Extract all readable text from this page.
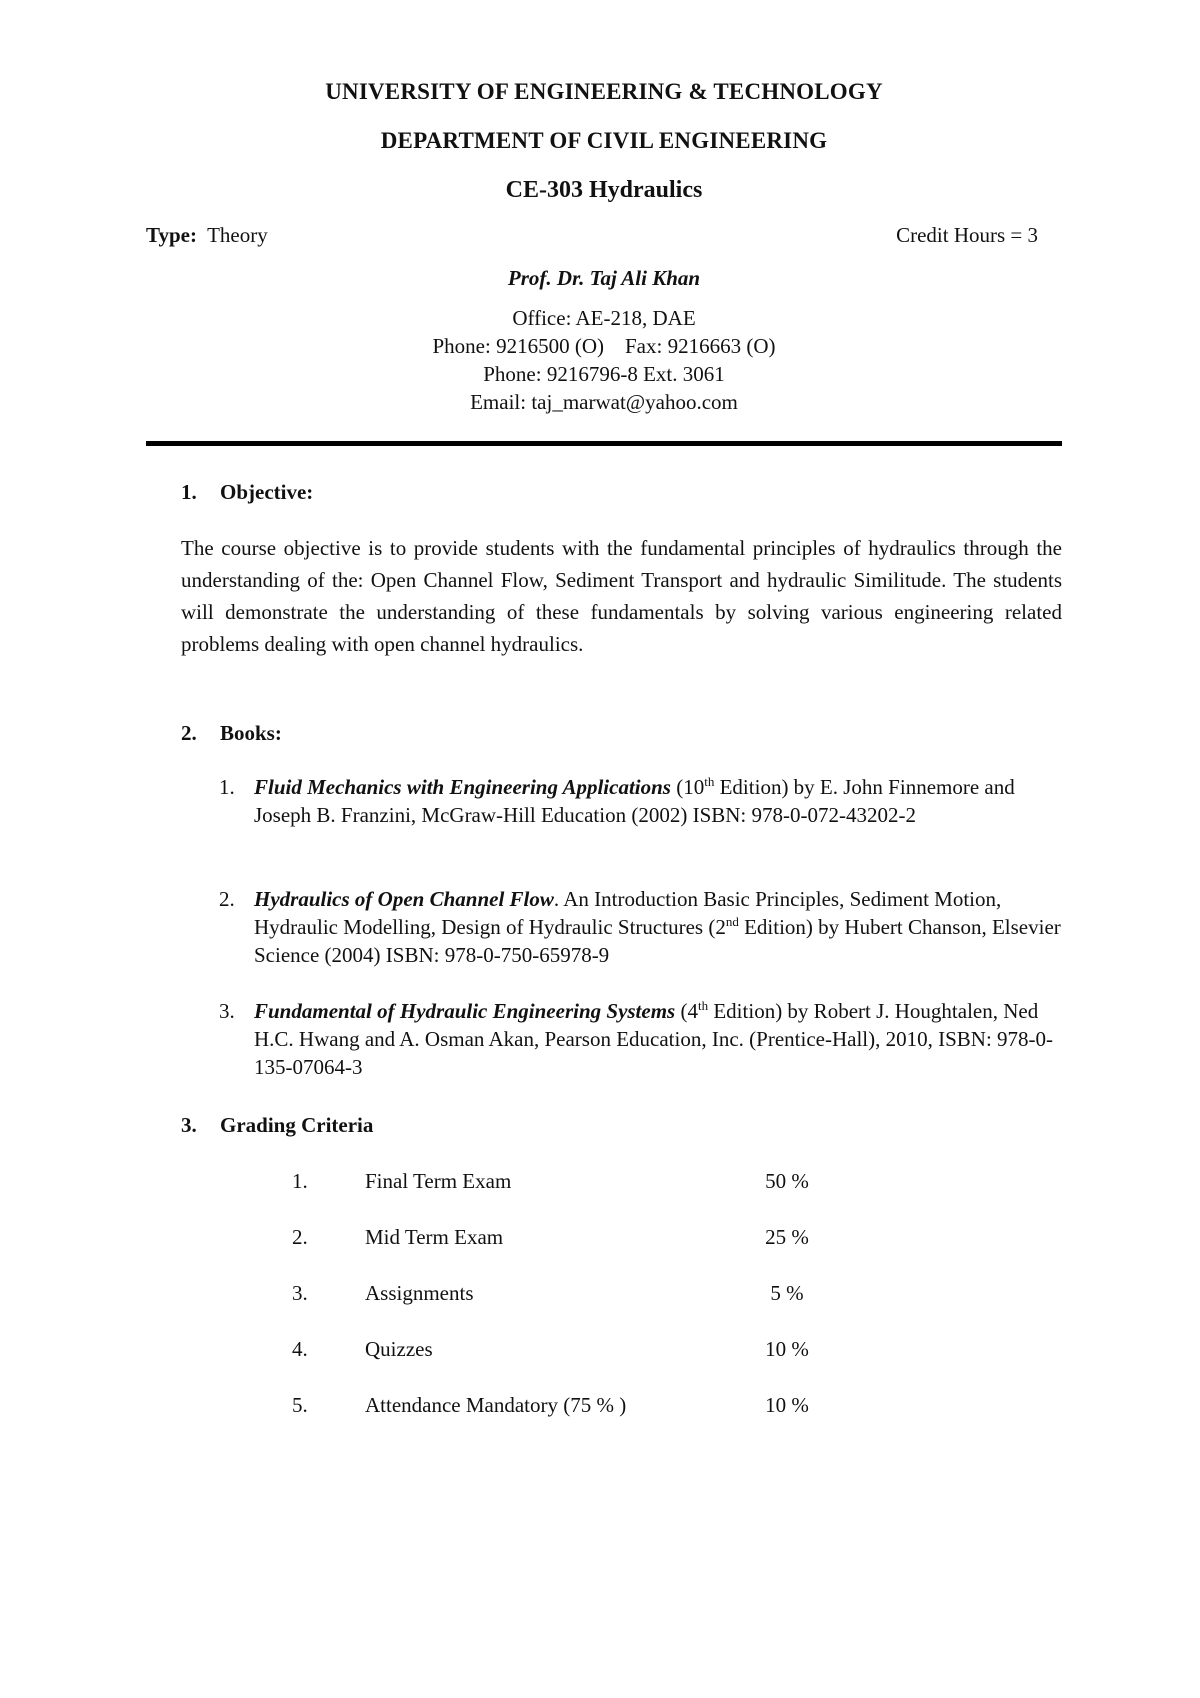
UNIVERSITY OF ENGINEERING & TECHNOLOGY
DEPARTMENT OF CIVIL ENGINEERING
CE-303 Hydraulics
Type: Theory	Credit Hours = 3
Prof. Dr. Taj Ali Khan
Office: AE-218, DAE
Phone: 9216500 (O)    Fax: 9216663 (O)
Phone: 9216796-8 Ext. 3061
Email: taj_marwat@yahoo.com
1. Objective:
The course objective is to provide students with the fundamental principles of hydraulics through the understanding of the: Open Channel Flow, Sediment Transport and hydraulic Similitude. The students will demonstrate the understanding of these fundamentals by solving various engineering related problems dealing with open channel hydraulics.
2. Books:
1. Fluid Mechanics with Engineering Applications (10th Edition) by E. John Finnemore and Joseph B. Franzini, McGraw-Hill Education (2002) ISBN: 978-0-072-43202-2
2. Hydraulics of Open Channel Flow. An Introduction Basic Principles, Sediment Motion, Hydraulic Modelling, Design of Hydraulic Structures (2nd Edition) by Hubert Chanson, Elsevier Science (2004) ISBN: 978-0-750-65978-9
3. Fundamental of Hydraulic Engineering Systems (4th Edition) by Robert J. Houghtalen, Ned H.C. Hwang and A. Osman Akan, Pearson Education, Inc. (Prentice-Hall), 2010, ISBN: 978-0-135-07064-3
3. Grading Criteria
1.	Final Term Exam	50 %
2.	Mid Term Exam	25 %
3.	Assignments	5 %
4.	Quizzes	10 %
5.	Attendance Mandatory (75 % )	10 %
